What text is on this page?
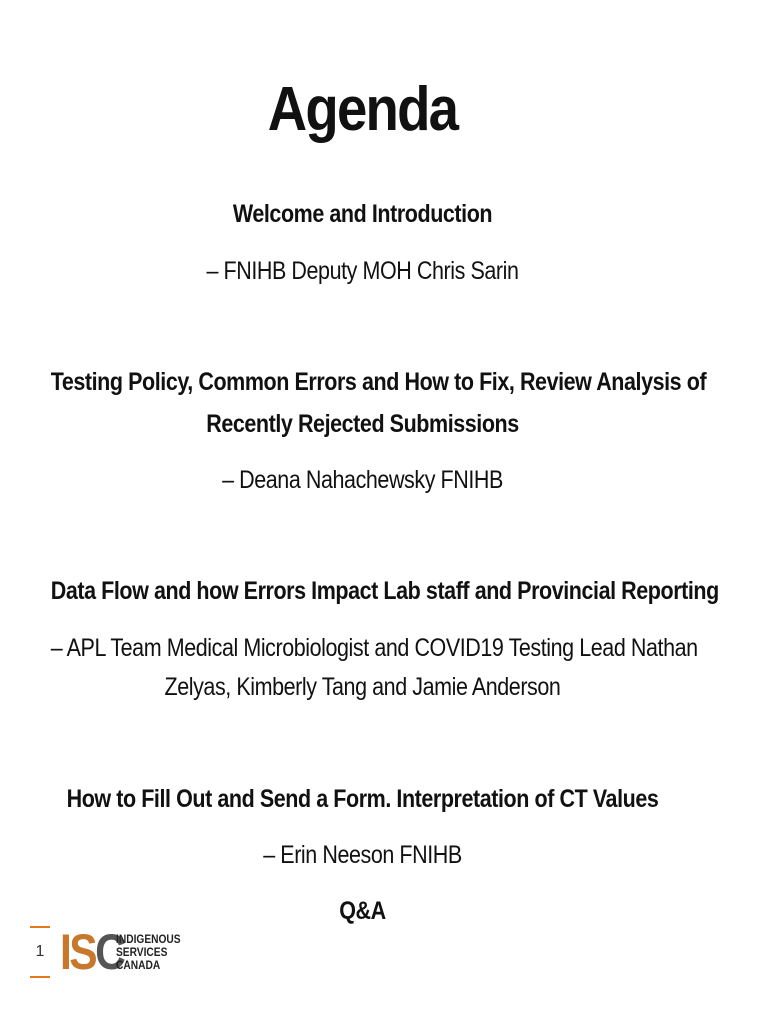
Agenda
Welcome and Introduction
– FNIHB Deputy MOH Chris Sarin
Testing Policy, Common Errors and How to Fix, Review Analysis of
Recently Rejected Submissions
– Deana Nahachewsky FNIHB
Data Flow and how Errors Impact Lab staff and Provincial Reporting
– APL Team Medical Microbiologist and COVID19 Testing Lead Nathan
Zelyas, Kimberly Tang and Jamie Anderson
How to Fill Out and Send a Form. Interpretation of CT Values
– Erin Neeson FNIHB
Q&A
1 ISC
INDIGENOUS
SERVICES
CANADA
